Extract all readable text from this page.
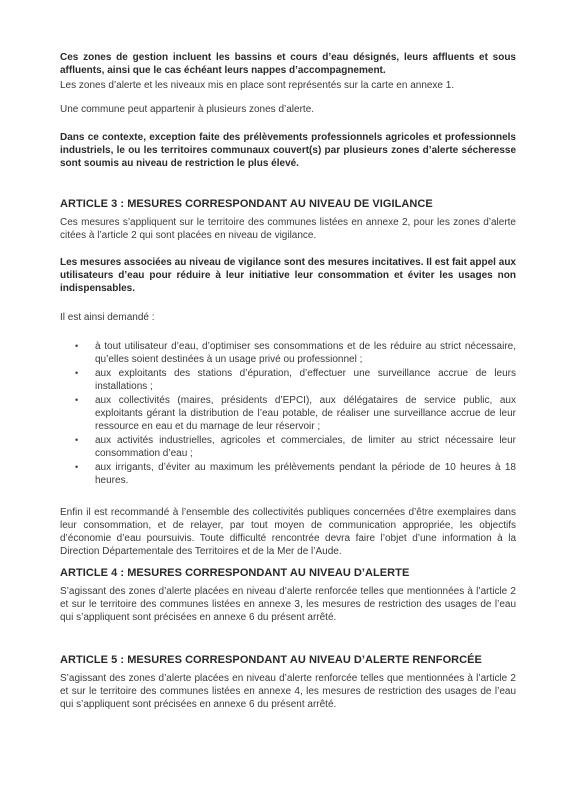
Ces zones de gestion incluent les bassins et cours d’eau désignés, leurs affluents et sous affluents, ainsi que le cas échéant leurs nappes d’accompagnement.

Les zones d’alerte et les niveaux mis en place sont représentés sur la carte en annexe 1.

Une commune peut appartenir à plusieurs zones d’alerte.

Dans ce contexte, exception faite des prélèvements professionnels agricoles et professionnels industriels, le ou les territoires communaux couvert(s) par plusieurs zones d’alerte sécheresse sont soumis au niveau de restriction le plus élevé.

ARTICLE 3 : MESURES CORRESPONDANT AU NIVEAU DE VIGILANCE

Ces mesures s’appliquent sur le territoire des communes listées en annexe 2, pour les zones d’alerte citées à l’article 2 qui sont placées en niveau de vigilance.

Les mesures associées au niveau de vigilance sont des mesures incitatives. Il est fait appel aux utilisateurs d’eau pour réduire à leur initiative leur consommation et éviter les usages non indispensables.

Il est ainsi demandé :

• à tout utilisateur d’eau, d’optimiser ses consommations et de les réduire au strict nécessaire, qu’elles soient destinées à un usage privé ou professionnel ;
• aux exploitants des stations d’épuration, d’effectuer une surveillance accrue de leurs installations ;
• aux collectivités (maires, présidents d’EPCI), aux délégataires de service public, aux exploitants gérant la distribution de l’eau potable, de réaliser une surveillance accrue de leur ressource en eau et du marnage de leur réservoir ;
• aux activités industrielles, agricoles et commerciales, de limiter au strict nécessaire leur consommation d’eau ;
• aux irrigants, d’éviter au maximum les prélèvements pendant la période de 10 heures à 18 heures.

Enfin il est recommandé à l’ensemble des collectivités publiques concernées d’être exemplaires dans leur consommation, et de relayer, par tout moyen de communication appropriée, les objectifs d’économie d’eau poursuivis. Toute difficulté rencontrée devra faire l’objet d’une information à la Direction Départementale des Territoires et de la Mer de l’Aude.

ARTICLE 4 : MESURES CORRESPONDANT AU NIVEAU D’ALERTE

S’agissant des zones d’alerte placées en niveau d’alerte renforcée telles que mentionnées à l’article 2 et sur le territoire des communes listées en annexe 3, les mesures de restriction des usages de l’eau qui s’appliquent sont précisées en annexe 6 du présent arrêté.

ARTICLE 5 : MESURES CORRESPONDANT AU NIVEAU D’ALERTE RENFORCÉE

S’agissant des zones d’alerte placées en niveau d’alerte renforcée telles que mentionnées à l’article 2 et sur le territoire des communes listées en annexe 4, les mesures de restriction des usages de l’eau qui s’appliquent sont précisées en annexe 6 du présent arrêté.
